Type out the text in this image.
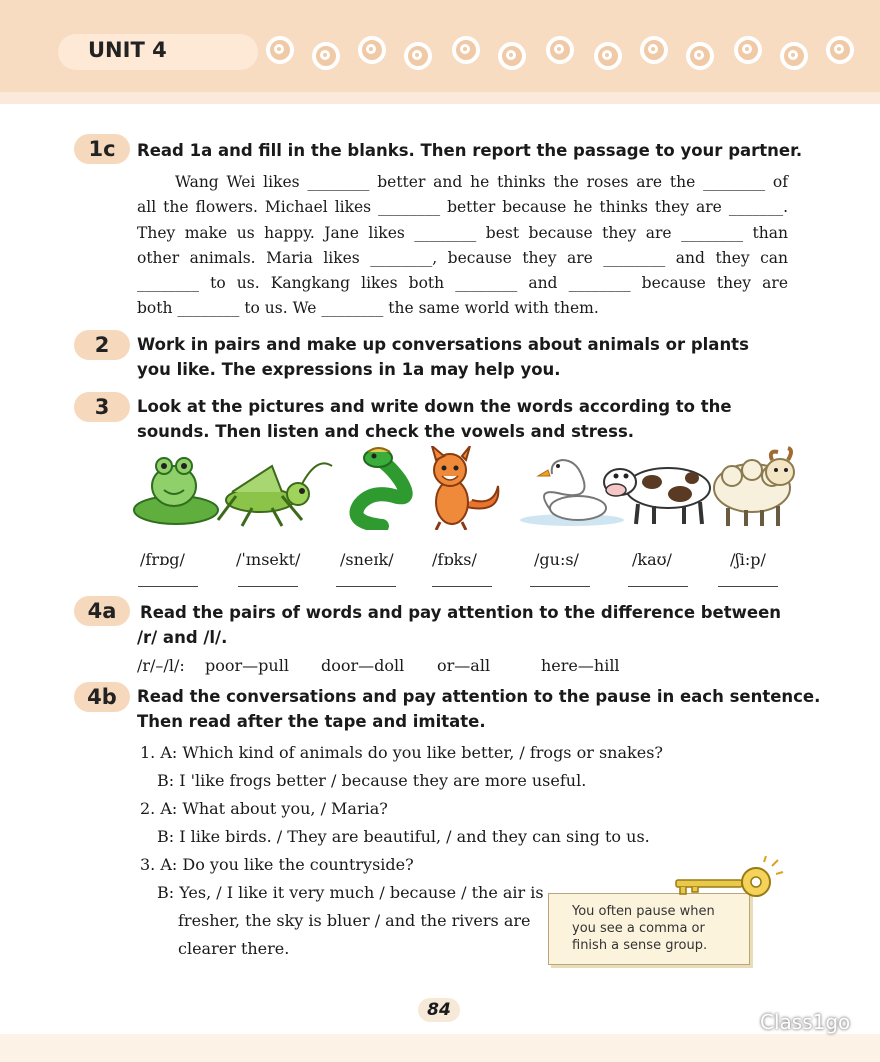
UNIT 4
1c	Read 1a and fill in the blanks. Then report the passage to your partner.
Wang Wei likes ________ better and he thinks the roses are the ________ of
all the flowers. Michael likes ________ better because he thinks they are _______.
They make us happy. Jane likes ________ best because they are ________ than
other animals. Maria likes ________, because they are ________ and they can
________ to us. Kangkang likes both ________ and ________ because they are
both ________ to us. We ________ the same world with them.
2	Work in pairs and make up conversations about animals or plants
you like. The expressions in 1a may help you.
3	Look at the pictures and write down the words according to the
sounds. Then listen and check the vowels and stress.
/frɒg/	/ˈɪnsekt/ /sneɪk/ /fɒks/	/gu:s/	/kaʊ/	/ʃi:p/
4a	Read the pairs of words and pay attention to the difference between
/r/ and /l/.
/r/–/l/: poor—pull door—doll or—all	here—hill
4b	Read the conversations and pay attention to the pause in each sentence.
Then read after the tape and imitate.
1. A: Which kind of animals do you like better, / frogs or snakes?
B: I 'like frogs better / because they are more useful.
2. A: What about you, / Maria?
B: I like birds. / They are beautiful, / and they can sing to us.
3. A: Do you like the countryside?
B: Yes, / I like it very much / because / the air is
fresher, the sky is bluer / and the rivers are
clearer there.
You often pause when
you see a comma or
finish a sense group.
84	Class1go
